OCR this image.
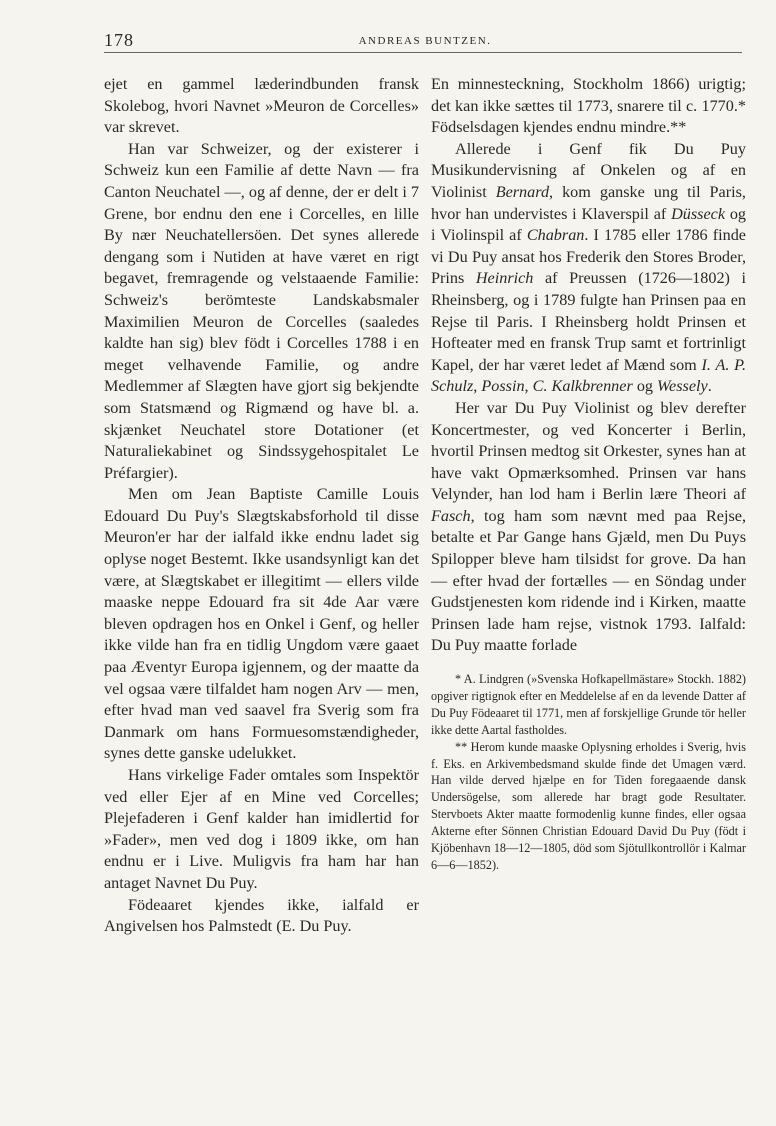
178	ANDREAS BUNTZEN.

ejet en gammel læderindbunden fransk Skolebog, hvori Navnet »Meuron de Corcelles» var skrevet.

Han var Schweizer, og der existerer i Schweiz kun een Familie af dette Navn — fra Canton Neuchatel —, og af denne, der er delt i 7 Grene, bor endnu den ene i Corcelles, en lille By nær Neuchatellersöen. Det synes allerede dengang som i Nutiden at have været en rigt begavet, fremragende og velstaaende Familie: Schweiz's berömteste Landskabsmaler Maximilien Meuron de Corcelles (saaledes kaldte han sig) blev födt i Corcelles 1788 i en meget velhavende Familie, og andre Medlemmer af Slægten have gjort sig bekjendte som Statsmænd og Rigmænd og have bl. a. skjænket Neuchatel store Dotationer (et Naturaliekabinet og Sindssygehospitalet Le Préfargier).

Men om Jean Baptiste Camille Louis Edouard Du Puy's Slægtskabsforhold til disse Meuron'er har der ialfald ikke endnu ladet sig oplyse noget Bestemt. Ikke usandsynligt kan det være, at Slægtskabet er illegitimt — ellers vilde maaske neppe Edouard fra sit 4de Aar være bleven opdragen hos en Onkel i Genf, og heller ikke vilde han fra en tidlig Ungdom være gaaet paa Æventyr Europa igjennem, og der maatte da vel ogsaa være tilfaldet ham nogen Arv — men, efter hvad man ved saavel fra Sverig som fra Danmark om hans Formuesomstændigheder, synes dette ganske udelukket.

Hans virkelige Fader omtales som Inspektör ved eller Ejer af en Mine ved Corcelles; Plejefaderen i Genf kalder han imidlertid for »Fader», men ved dog i 1809 ikke, om han endnu er i Live. Muligvis fra ham har han antaget Navnet Du Puy.

Födeaaret kjendes ikke, ialfald er Angivelsen hos Palmstedt (E. Du Puy.

En minnesteckning, Stockholm 1866) urigtig; det kan ikke sættes til 1773, snarere til c. 1770.* Födselsdagen kjendes endnu mindre.**

Allerede i Genf fik Du Puy Musikundervisning af Onkelen og af en Violinist Bernard, kom ganske ung til Paris, hvor han undervistes i Klaverspil af Düsseck og i Violinspil af Chabran. I 1785 eller 1786 finde vi Du Puy ansat hos Frederik den Stores Broder, Prins Heinrich af Preussen (1726—1802) i Rheinsberg, og i 1789 fulgte han Prinsen paa en Rejse til Paris. I Rheinsberg holdt Prinsen et Hofteater med en fransk Trup samt et fortrinligt Kapel, der har været ledet af Mænd som I. A. P. Schulz, Possin, C. Kalkbrenner og Wessely.

Her var Du Puy Violinist og blev derefter Koncertmester, og ved Koncerter i Berlin, hvortil Prinsen medtog sit Orkester, synes han at have vakt Opmærksomhed. Prinsen var hans Velynder, han lod ham i Berlin lære Theori af Fasch, tog ham som nævnt med paa Rejse, betalte et Par Gange hans Gjæld, men Du Puys Spilopper bleve ham tilsidst for grove. Da han — efter hvad der fortælles — en Söndag under Gudstjenesten kom ridende ind i Kirken, maatte Prinsen lade ham rejse, vistnok 1793. Ialfald: Du Puy maatte forlade

* A. Lindgren (»Svenska Hofkapellmästare» Stockh. 1882) opgiver rigtignok efter en Meddelelse af en da levende Datter af Du Puy Födeaaret til 1771, men af forskjellige Grunde tör heller ikke dette Aartal fastholdes.

** Herom kunde maaske Oplysning erholdes i Sverig, hvis f. Eks. en Arkivembedsmand skulde finde det Umagen værd. Han vilde derved hjælpe en for Tiden foregaaende dansk Undersögelse, som allerede har bragt gode Resultater. Stervboets Akter maatte formodenlig kunne findes, eller ogsaa Akterne efter Sönnen Christian Edouard David Du Puy (födt i Kjöbenhavn 18—12—1805, död som Sjötullkontrollör i Kalmar 6—6—1852).
